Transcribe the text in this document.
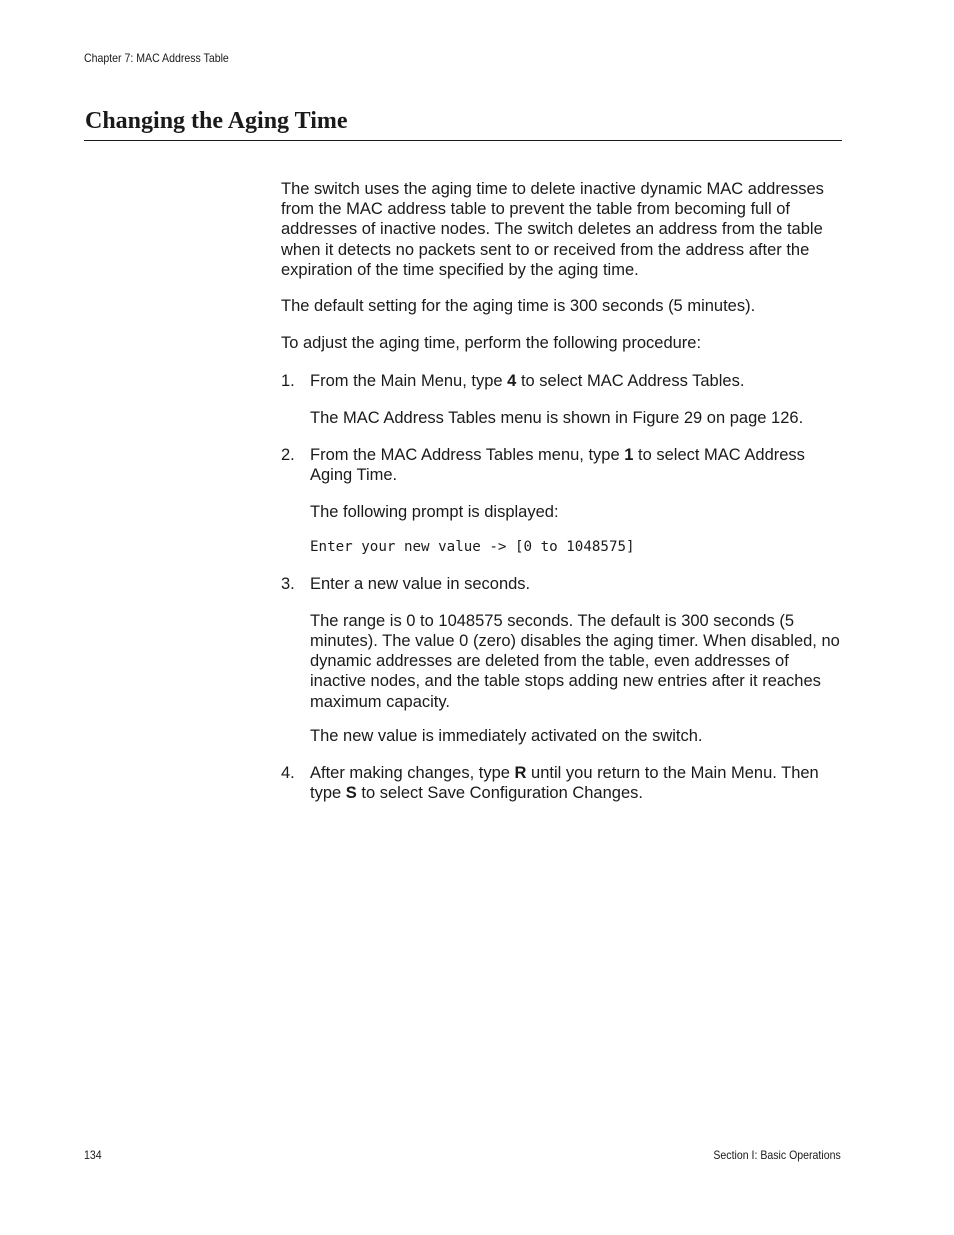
Chapter 7: MAC Address Table
Changing the Aging Time

The switch uses the aging time to delete inactive dynamic MAC addresses from the MAC address table to prevent the table from becoming full of addresses of inactive nodes. The switch deletes an address from the table when it detects no packets sent to or received from the address after the expiration of the time specified by the aging time.

The default setting for the aging time is 300 seconds (5 minutes).

To adjust the aging time, perform the following procedure:

1. From the Main Menu, type 4 to select MAC Address Tables.

The MAC Address Tables menu is shown in Figure 29 on page 126.

2. From the MAC Address Tables menu, type 1 to select MAC Address Aging Time.

The following prompt is displayed:

Enter your new value -> [0 to 1048575]

3. Enter a new value in seconds.

The range is 0 to 1048575 seconds. The default is 300 seconds (5 minutes). The value 0 (zero) disables the aging timer. When disabled, no dynamic addresses are deleted from the table, even addresses of inactive nodes, and the table stops adding new entries after it reaches maximum capacity.

The new value is immediately activated on the switch.

4. After making changes, type R until you return to the Main Menu. Then type S to select Save Configuration Changes.

134	Section I: Basic Operations
